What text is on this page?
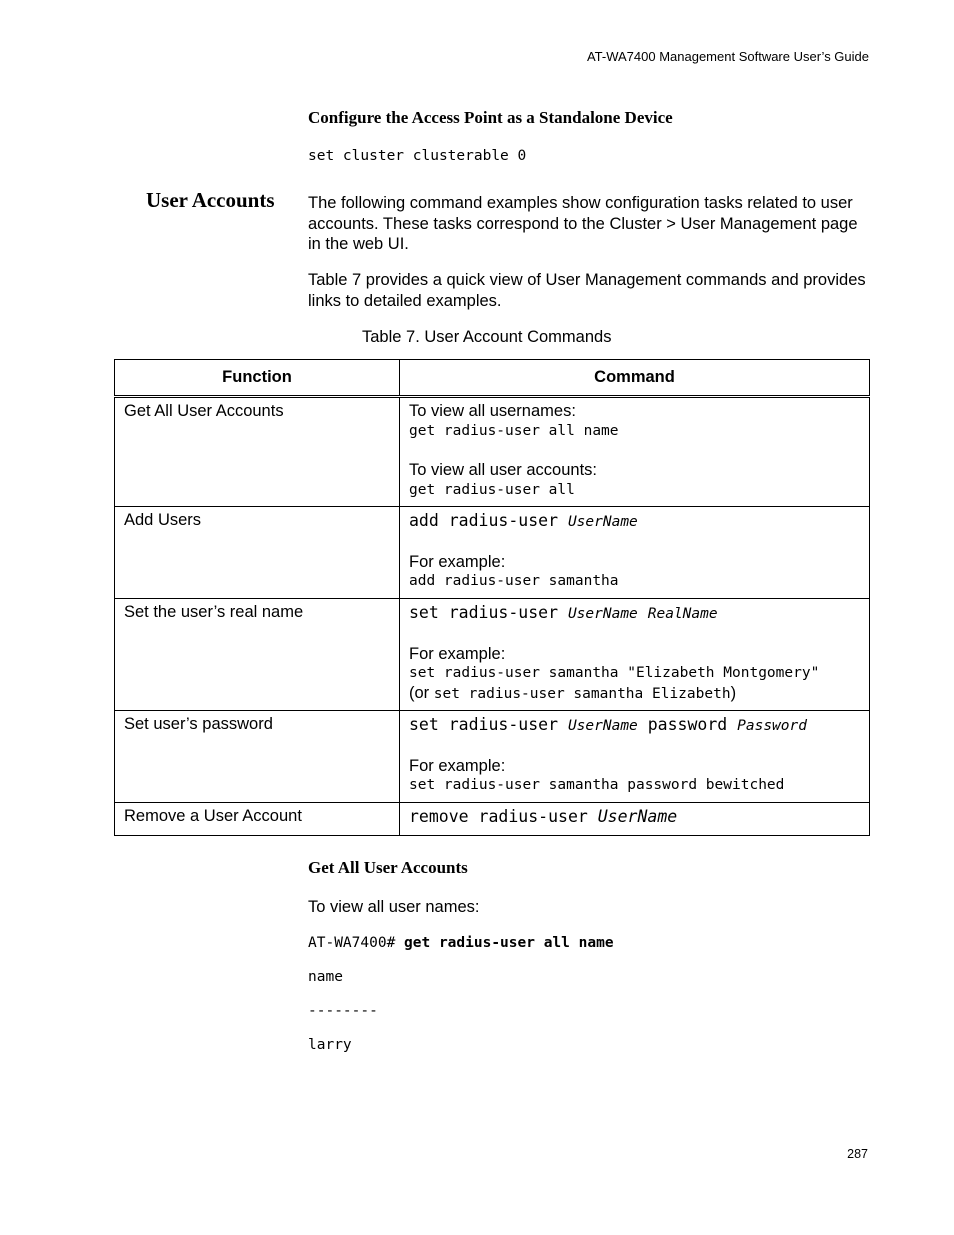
AT-WA7400 Management Software User’s Guide
Configure the Access Point as a Standalone Device
set cluster clusterable 0
User Accounts The following command examples show configuration tasks related to user accounts. These tasks correspond to the Cluster > User Management page in the web UI.
Table 7 provides a quick view of User Management commands and provides links to detailed examples.
Table 7. User Account Commands
Function	Command
Get All User Accounts	To view all usernames:
get radius-user all name
To view all user accounts:
get radius-user all

Add Users	add radius-user UserName
For example:
add radius-user samantha

Set the user’s real name	set radius-user UserName RealName
For example:
set radius-user samantha "Elizabeth Montgomery"
(or set radius-user samantha Elizabeth)

Set user’s password	set radius-user UserName password Password
For example:
set radius-user samantha password bewitched

Remove a User Account	remove radius-user UserName
Get All User Accounts
To view all user names:
AT-WA7400# get radius-user all name
name
--------
larry
287
